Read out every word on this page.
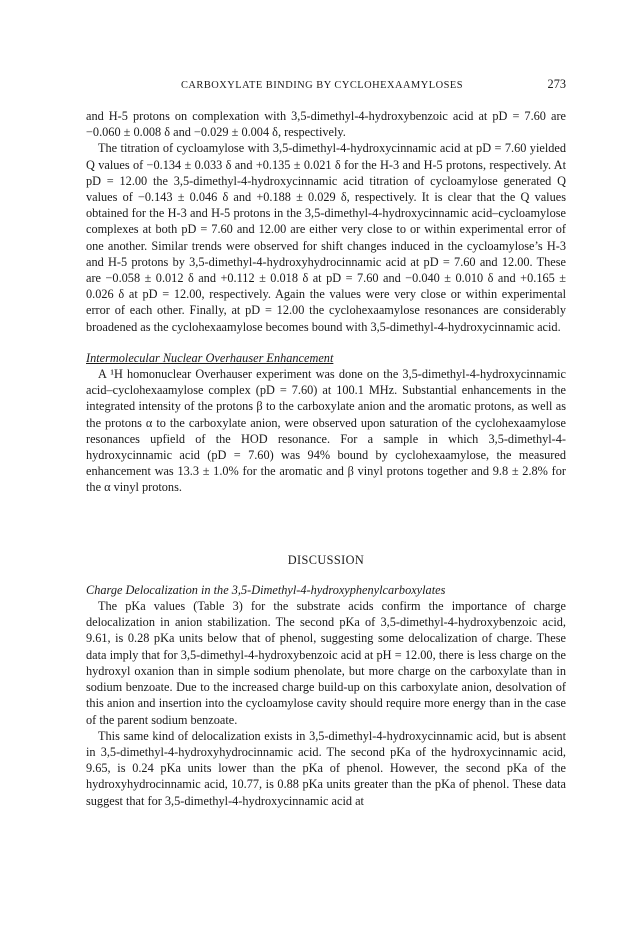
CARBOXYLATE BINDING BY CYCLOHEXAAMYLOSES	273

and H-5 protons on complexation with 3,5-dimethyl-4-hydroxybenzoic acid at pD = 7.60 are −0.060 ± 0.008 δ and −0.029 ± 0.004 δ, respectively.

The titration of cycloamylose with 3,5-dimethyl-4-hydroxycinnamic acid at pD = 7.60 yielded Q values of −0.134 ± 0.033 δ and +0.135 ± 0.021 δ for the H-3 and H-5 protons, respectively. At pD = 12.00 the 3,5-dimethyl-4-hydroxycinnamic acid titration of cycloamylose generated Q values of −0.143 ± 0.046 δ and +0.188 ± 0.029 δ, respectively. It is clear that the Q values obtained for the H-3 and H-5 protons in the 3,5-dimethyl-4-hydroxycinnamic acid–cycloamylose complexes at both pD = 7.60 and 12.00 are either very close to or within experimental error of one another. Similar trends were observed for shift changes induced in the cycloamylose’s H-3 and H-5 protons by 3,5-dimethyl-4-hydroxyhydrocinnamic acid at pD = 7.60 and 12.00. These are −0.058 ± 0.012 δ and +0.112 ± 0.018 δ at pD = 7.60 and −0.040 ± 0.010 δ and +0.165 ± 0.026 δ at pD = 12.00, respectively. Again the values were very close or within experimental error of each other. Finally, at pD = 12.00 the cyclohexaamylose resonances are considerably broadened as the cyclohexaamylose becomes bound with 3,5-dimethyl-4-hydroxycinnamic acid.

Intermolecular Nuclear Overhauser Enhancement

A ¹H homonuclear Overhauser experiment was done on the 3,5-dimethyl-4-hydroxycinnamic acid–cyclohexaamylose complex (pD = 7.60) at 100.1 MHz. Substantial enhancements in the integrated intensity of the protons β to the carboxylate anion and the aromatic protons, as well as the protons α to the carboxylate anion, were observed upon saturation of the cyclohexaamylose resonances upfield of the HOD resonance. For a sample in which 3,5-dimethyl-4-hydroxycinnamic acid (pD = 7.60) was 94% bound by cyclohexaamylose, the measured enhancement was 13.3 ± 1.0% for the aromatic and β vinyl protons together and 9.8 ± 2.8% for the α vinyl protons.

DISCUSSION

Charge Delocalization in the 3,5-Dimethyl-4-hydroxyphenylcarboxylates

The pKa values (Table 3) for the substrate acids confirm the importance of charge delocalization in anion stabilization. The second pKa of 3,5-dimethyl-4-hydroxybenzoic acid, 9.61, is 0.28 pKa units below that of phenol, suggesting some delocalization of charge. These data imply that for 3,5-dimethyl-4-hydroxybenzoic acid at pH = 12.00, there is less charge on the hydroxyl oxanion than in simple sodium phenolate, but more charge on the carboxylate than in sodium benzoate. Due to the increased charge build-up on this carboxylate anion, desolvation of this anion and insertion into the cycloamylose cavity should require more energy than in the case of the parent sodium benzoate.

This same kind of delocalization exists in 3,5-dimethyl-4-hydroxycinnamic acid, but is absent in 3,5-dimethyl-4-hydroxyhydrocinnamic acid. The second pKa of the hydroxycinnamic acid, 9.65, is 0.24 pKa units lower than the pKa of phenol. However, the second pKa of the hydroxyhydrocinnamic acid, 10.77, is 0.88 pKa units greater than the pKa of phenol. These data suggest that for 3,5-dimethyl-4-hydroxycinnamic acid at
